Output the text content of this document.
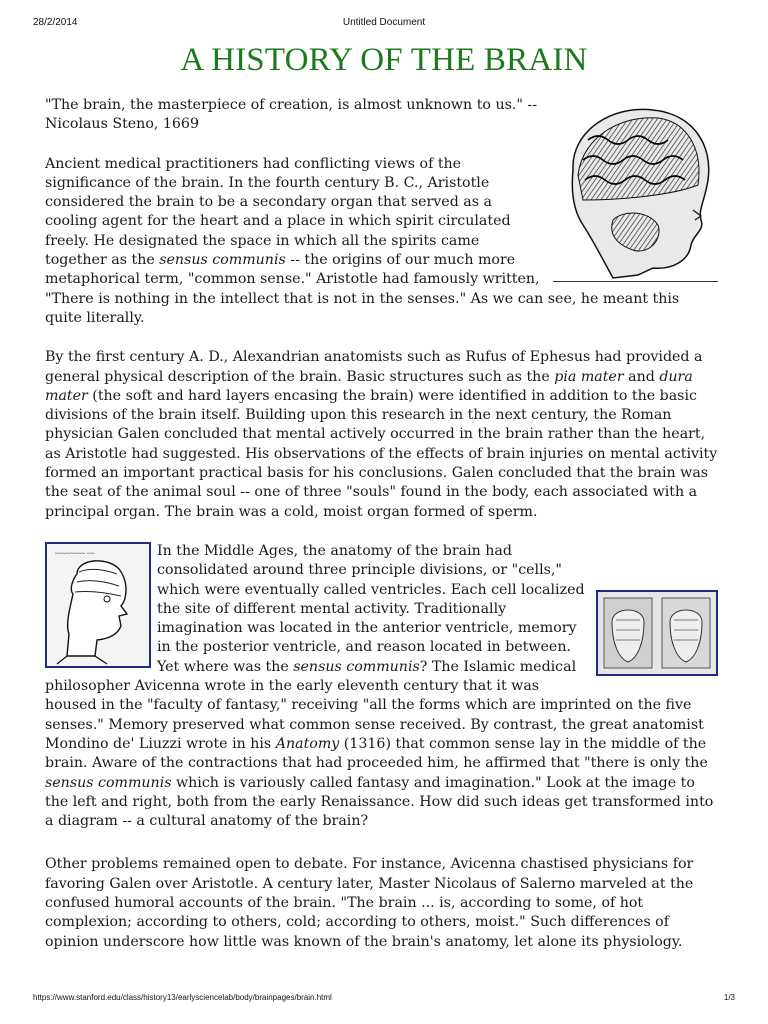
28/2/2014	Untitled Document
A HISTORY OF THE BRAIN

"The brain, the masterpiece of creation, is almost unknown to us." -- Nicolaus Steno, 1669

Ancient medical practitioners had conflicting views of the significance of the brain. In the fourth century B. C., Aristotle considered the brain to be a secondary organ that served as a cooling agent for the heart and a place in which spirit circulated freely. He designated the space in which all the spirits came together as the sensus communis -- the origins of our much more metaphorical term, "common sense." Aristotle had famously written, "There is nothing in the intellect that is not in the senses." As we can see, he meant this quite literally.

By the first century A. D., Alexandrian anatomists such as Rufus of Ephesus had provided a general physical description of the brain. Basic structures such as the pia mater and dura mater (the soft and hard layers encasing the brain) were identified in addition to the basic divisions of the brain itself. Building upon this research in the next century, the Roman physician Galen concluded that mental actively occurred in the brain rather than the heart, as Aristotle had suggested. His observations of the effects of brain injuries on mental activity formed an important practical basis for his conclusions. Galen concluded that the brain was the seat of the animal soul -- one of three "souls" found in the body, each associated with a principal organ. The brain was a cold, moist organ formed of sperm.

~~~~~~~~ ~~	In the Middle Ages, the anatomy of the brain had consolidated around three principle divisions, or "cells," which were eventually called ventricles. Each cell localized the site of different mental activity. Traditionally imagination was located in the anterior ventricle, memory in the posterior ventricle, and reason located in between. Yet where was the sensus communis? The Islamic medical philosopher Avicenna wrote in the early eleventh century that it was housed in the "faculty of fantasy," receiving "all the forms which are imprinted on the five senses." Memory preserved what common sense received. By contrast, the great anatomist Mondino de' Liuzzi wrote in his Anatomy (1316) that common sense lay in the middle of the brain. Aware of the contractions that had proceeded him, he affirmed that "there is only the sensus communis which is variously called fantasy and imagination." Look at the image to the left and right, both from the early Renaissance. How did such ideas get transformed into a diagram -- a cultural anatomy of the brain?

Other problems remained open to debate. For instance, Avicenna chastised physicians for favoring Galen over Aristotle. A century later, Master Nicolaus of Salerno marveled at the confused humoral accounts of the brain. "The brain ... is, according to some, of hot complexion; according to others, cold; according to others, moist." Such differences of opinion underscore how little was known of the brain's anatomy, let alone its physiology.

https://www.stanford.edu/class/history13/earlysciencelab/body/brainpages/brain.html	1/3
